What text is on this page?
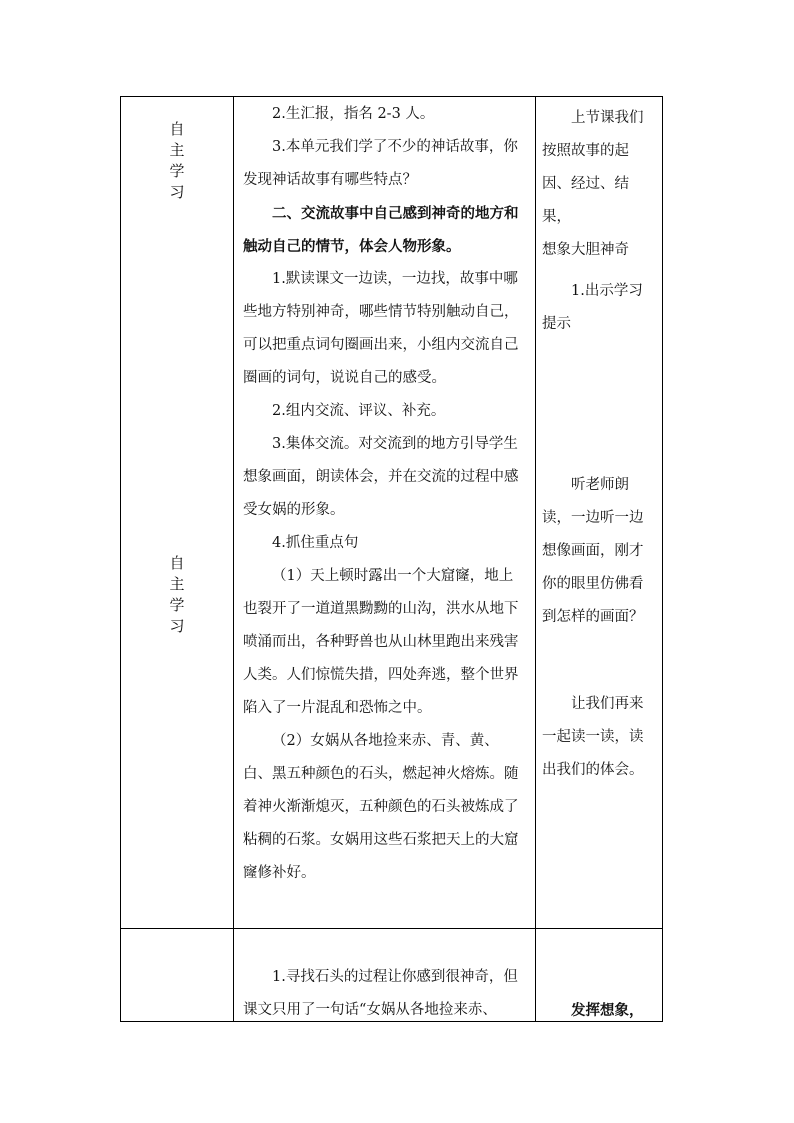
自
主
学
习
自
主
学
习

2.生汇报，指名 2-3 人。

3.本单元我们学了不少的神话故事，你发现神话故事有哪些特点？

二、交流故事中自己感到神奇的地方和触动自己的情节，体会人物形象。

1.默读课文一边读，一边找，故事中哪些地方特别神奇，哪些情节特别触动自己，可以把重点词句圈画出来，小组内交流自己圈画的词句，说说自己的感受。

2.组内交流、评议、补充。

3.集体交流。对交流到的地方引导学生想象画面，朗读体会，并在交流的过程中感受女娲的形象。

4.抓住重点句

（1）天上顿时露出一个大窟窿，地上也裂开了一道道黑黝黝的山沟，洪水从地下喷涌而出，各种野兽也从山林里跑出来残害人类。人们惊慌失措，四处奔逃，整个世界陷入了一片混乱和恐怖之中。

（2）女娲从各地捡来赤、青、黄、白、黑五种颜色的石头，燃起神火熔炼。随着神火渐渐熄灭，五种颜色的石头被炼成了粘稠的石浆。女娲用这些石浆把天上的大窟窿修补好。

上节课我们按照故事的起因、经过、结果，

想象大胆神奇

1.出示学习提示

听老师朗读，一边听一边想像画面，刚才你的眼里仿佛看到怎样的画面？

让我们再来一起读一读，读出我们的体会。

1.寻找石头的过程让你感到很神奇，但课文只用了一句话“女娲从各地捡来赤、	发挥想象，
